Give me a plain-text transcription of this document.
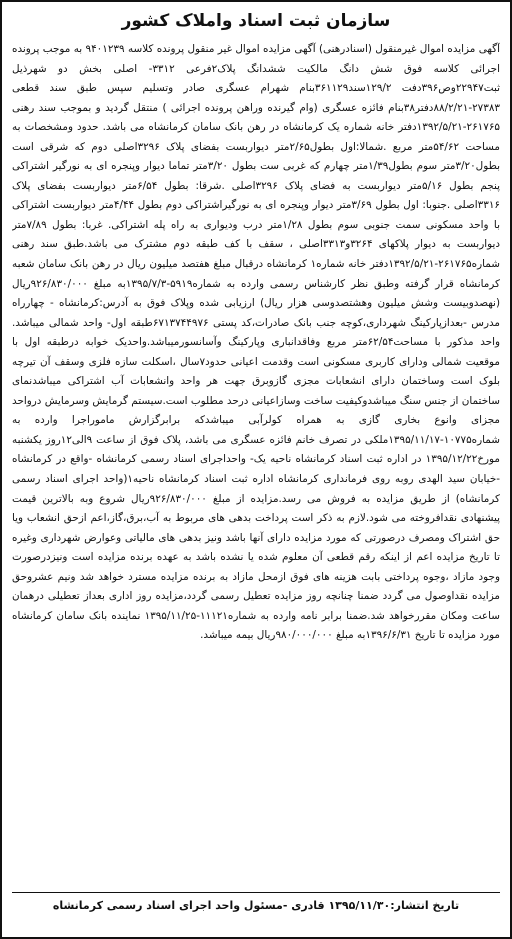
سازمان ثبت اسناد واملاک کشور
آگهی مزایده اموال غیرمنقول (اسنادرهنی) آگهی مزایده اموال غیر منقول پرونده کلاسه ۹۴۰۱۲۳۹ به موجب پرونده اجرائی کلاسه فوق شش دانگ مالکیت ششدانگ پلاک۲فرعی ۳۳۱۲- اصلی بخش دو شهرذیل ثبت۲۲۹۴۷وص۳۹۶دفت ۱۲۹/۲سند۳۶۱۱۲۹بنام شهرام عسگری صادر وتسلیم سپس طبق سند قطعی ۲۷۳۸۳-۸۸/۲/۲۱دفتر۳۸بنام فائزه عسگری (وام گیرنده وراهن پرونده اجرائی ) منتقل گردید و بموجب سند رهنی ۲۶۱۷۶۵-۱۳۹۲/۵/۲۱دفتر خانه شماره یک کرمانشاه در رهن بانک سامان کرمانشاه می باشد. حدود ومشخصات به مساحت ۵۴/۶۲متر مربع .شمالا:اول بطول۲/۶۵متر دیواربست بفضای پلاک ۳۲۹۶اصلی دوم که شرقی است بطول۳/۲۰متر سوم بطول۱/۳۹متر چهارم که غربی ست بطول ۳/۲۰متر تماما دیوار وپنجره ای به نورگیر اشتراکی پنجم بطول ۵/۱۶متر دیواربست به فضای پلاک ۳۲۹۶اصلی .شرقا: بطول ۶/۵۴متر دیواربست بفضای پلاک ۳۳۱۶اصلی .جنوبا: اول بطول ۳/۶۹متر دیوار وپنجره ای به نورگیراشتراکی دوم بطول ۴/۴۴متر دیواربست اشتراکی با واحد مسکونی سمت جنوبی سوم بطول ۱/۲۸متر درب ودیواری به راه پله اشتراکی. غربا: بطول ۷/۸۹متر دیواربست به دیوار پلاکهای ۳۲۶۴و۳۳۱۳اصلی ، سقف با کف طبقه دوم مشترک می باشد.طبق سند رهنی شماره۲۶۱۷۶۵-۱۳۹۲/۵/۲۱دفتر خانه شماره۱ کرمانشاه درقبال مبلغ هفتصد میلیون ریال در رهن بانک سامان شعبه کرمانشاه قرار گرفته وطبق نظر کارشناس رسمی وارده به شماره۵۹۱۹-۱۳۹۵/۷/۳به مبلغ ۹۲۶/۸۳۰/۰۰۰ریال (نهصدوبیست وشش میلیون وهشتصدوسی هزار ریال) ارزیابی شده وپلاک فوق به آدرس:کرمانشاه - چهارراه مدرس -بعدازپارکینگ شهرداری،کوچه جنب بانک صادرات،کد پستی ۶۷۱۳۷۴۴۹۷۶طبقه اول- واحد شمالی میباشد. واحد مذکور با مساحت۶۲/۵۴متر مربع وفاقدانباری وپارکینگ وآسانسورمیباشد.واحدیک خوابه درطبقه اول با موقعیت شمالی ودارای کاربری مسکونی است وقدمت اعیانی حدود۷سال ،اسکلت سازه فلزی وسقف آن تیرچه بلوک است وساختمان دارای انشعابات مجزی گازوبرق جهت هر واحد وانشعابات آب اشتراکی میباشدنمای ساختمان از جنس سنگ میباشدوکیفیت ساخت وسازاعیانی درحد مطلوب است.سیستم گرمایش وسرمایش درواحد مجزای وانوع بخاری گازی به همراه کولرآبی میباشدکه برابرگزارش ماموراجرا وارده به شماره۱۰۷۷۵-۱۳۹۵/۱۱/۱۷ملکی در تصرف خانم فائزه عسگری می باشد، پلاک فوق از ساعت ۹الی۱۲روز یکشنبه مورخ۱۳۹۵/۱۲/۲۲ در اداره ثبت اسناد کرمانشاه ناحیه یک- واحداجرای اسناد رسمی کرمانشاه -واقع در کرمانشاه -خیابان سید الهدی روبه روی فرمانداری کرمانشاه اداره ثبت اسناد کرمانشاه ناحیه۱(واحد اجرای اسناد رسمی کرمانشاه) از طریق مزایده به فروش می رسد.مزایده از مبلغ ۹۲۶/۸۳۰/۰۰۰ریال شروع وبه بالاترین قیمت پیشنهادی نقدافروخته می شود.لازم به ذکر است پرداخت بدهی های مربوط به آب،برق،گاز،اعم ازحق انشعاب ویا حق اشتراک ومصرف درصورتی که مورد مزایده دارای آنها باشد ونیز بدهی های مالیاتی وعوارض شهرداری وغیره تا تاریخ مزایده اعم از اینکه رقم قطعی آن معلوم شده یا نشده باشد به عهده برنده مزایده است ونیزدرصورت وجود مازاد ،وجوه پرداختی بابت هزینه های فوق ازمحل مازاد به برنده مزایده مسترد خواهد شد ونیم عشروحق مزایده نقداوصول می گردد ضمنا چنانچه روز مزایده تعطیل رسمی گردد،مزایده روز اداری بعداز تعطیلی درهمان ساعت ومکان مقررخواهد شد.ضمنا برابر نامه وارده به شماره۱۱۱۲۱-۱۳۹۵/۱۱/۲۵ نماینده بانک سامان کرمانشاه مورد مزایده تا تاریخ ۱۳۹۶/۶/۳۱به مبلغ ۹۸۰/۰۰۰/۰۰۰ریال بیمه میباشد.
تاریخ انتشار:۱۳۹۵/۱۱/۳۰ قادری -مسئول واحد اجرای اسناد رسمی کرمانشاه
